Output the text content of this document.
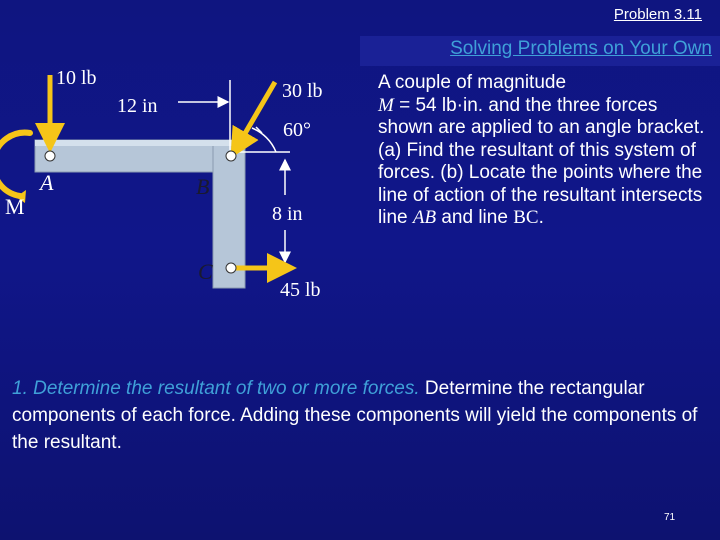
Problem 3.11
Solving Problems on Your Own
10 lb
12 in
30 lb
60°
A
M
B
8 in
C
45 lb
A couple of magnitude
M = 54 lb·in. and the three forces shown are applied to an angle bracket. (a) Find the resultant of this system of forces. (b) Locate the points where the line of action of the resultant intersects line AB and line BC.
1. Determine the resultant of two or more forces. Determine the rectangular components of each force. Adding these components will yield the components of the resultant.
71
